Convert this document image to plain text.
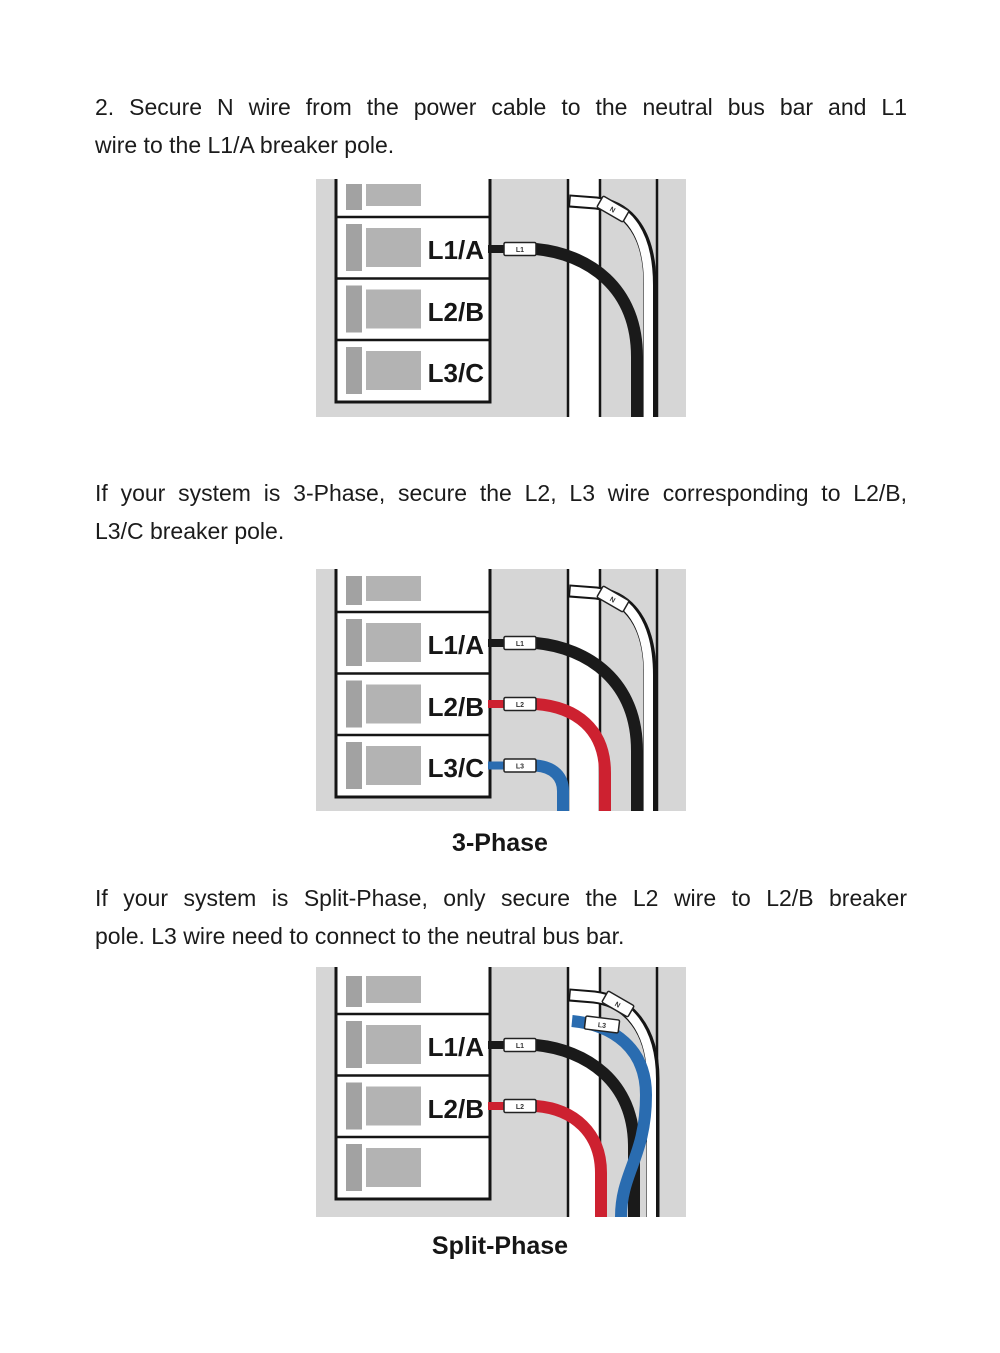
2. Secure N wire from the power cable to the neutral bus bar and L1
wire to the L1/A breaker pole.
L1/A
L2/B
L3/C
L1
N
If your system is 3-Phase, secure the L2, L3 wire corresponding to L2/B,
L3/C breaker pole.
L1/A
L2/B
L3/C
L1
L2
L3
N
3-Phase
If your system is Split-Phase, only secure the L2 wire to L2/B breaker
pole. L3 wire need to connect to the neutral bus bar.
L1/A
L2/B
L1
L2
L3
N
Split-Phase
